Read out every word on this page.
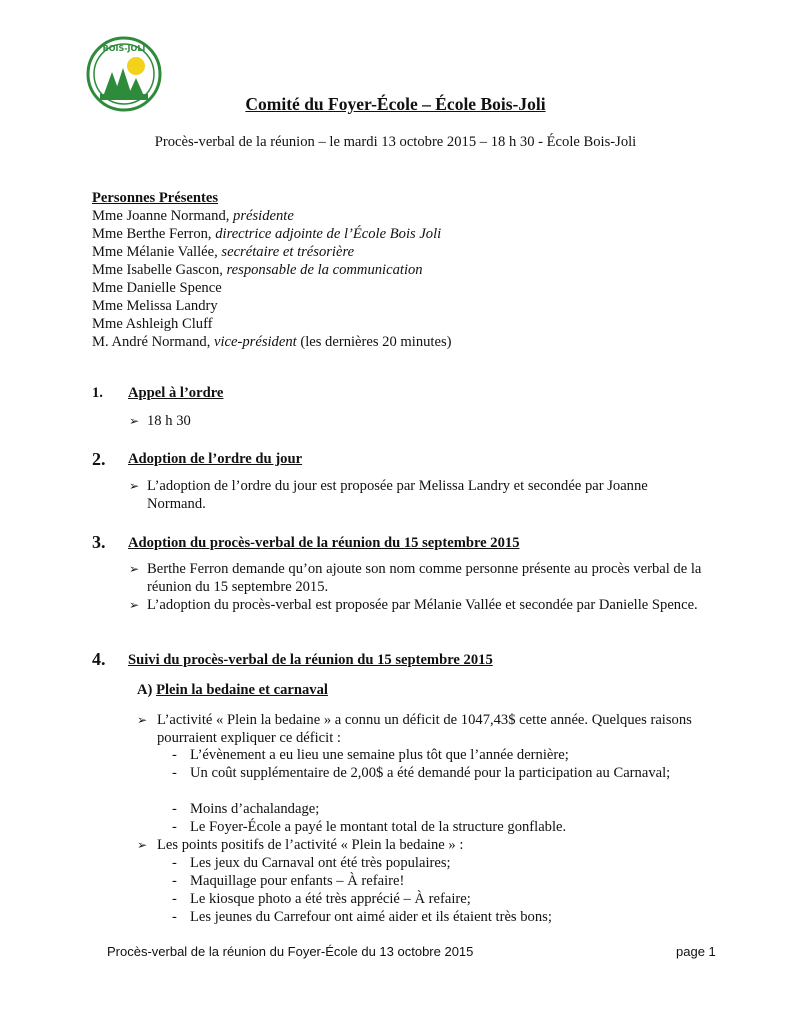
BOIS-JOLI
Comité du Foyer-École – École Bois-Joli
Procès-verbal de la réunion – le mardi 13 octobre 2015 – 18 h 30 - École Bois-Joli
Personnes Présentes
Mme Joanne Normand, présidente
Mme Berthe Ferron, directrice adjointe de l’École Bois Joli
Mme Mélanie Vallée, secrétaire et trésorière
Mme Isabelle Gascon, responsable de la communication
Mme Danielle Spence
Mme Melissa Landry
Mme Ashleigh Cluff
M. André Normand, vice-président (les dernières 20 minutes)
1. Appel à l’ordre
➢ 18 h 30
2. Adoption de l’ordre du jour
➢ L’adoption de l’ordre du jour est proposée par Melissa Landry et secondée par Joanne Normand.
3. Adoption du procès-verbal de la réunion du 15 septembre 2015
➢ Berthe Ferron demande qu’on ajoute son nom comme personne présente au procès verbal de la réunion du 15 septembre 2015.
➢ L’adoption du procès-verbal est proposée par Mélanie Vallée et secondée par Danielle Spence.
4. Suivi du procès-verbal de la réunion du 15 septembre 2015
A) Plein la bedaine et carnaval
➢ L’activité « Plein la bedaine » a connu un déficit de 1047,43$ cette année. Quelques raisons pourraient expliquer ce déficit :
- L’évènement a eu lieu une semaine plus tôt que l’année dernière;
- Un coût supplémentaire de 2,00$ a été demandé pour la participation au Carnaval;
- Moins d’achalandage;
- Le Foyer-École a payé le montant total de la structure gonflable.
➢ Les points positifs de l’activité « Plein la bedaine » :
- Les jeux du Carnaval ont été très populaires;
- Maquillage pour enfants – À refaire!
- Le kiosque photo a été très apprécié – À refaire;
- Les jeunes du Carrefour ont aimé aider et ils étaient très bons;
Procès-verbal de la réunion du Foyer-École du 13 octobre 2015	page 1
